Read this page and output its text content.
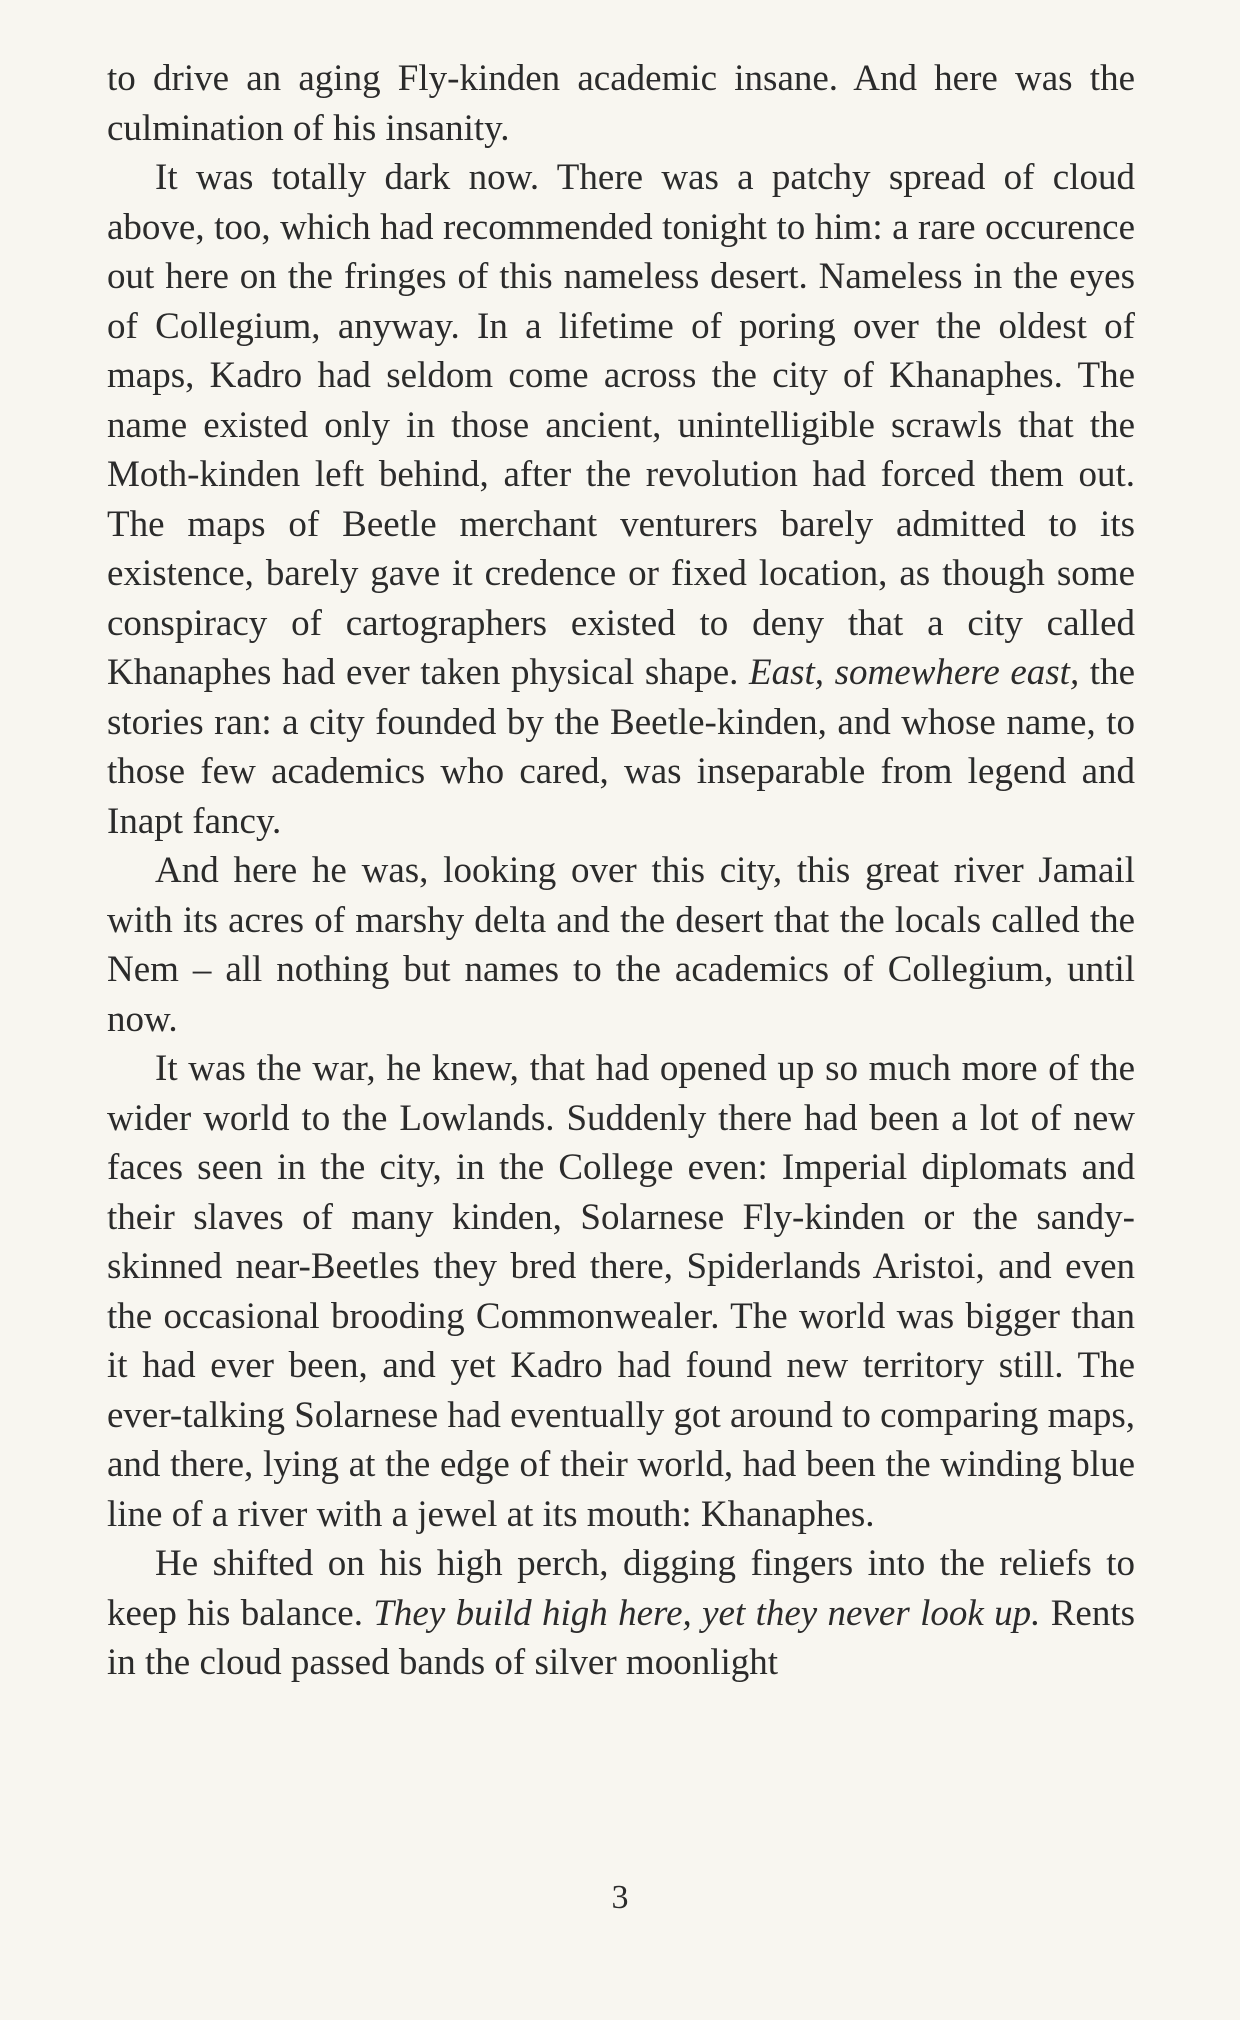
to drive an aging Fly-kinden academic insane. And here was the culmination of his insanity.

It was totally dark now. There was a patchy spread of cloud above, too, which had recommended tonight to him: a rare occurence out here on the fringes of this nameless desert. Nameless in the eyes of Collegium, anyway. In a lifetime of poring over the oldest of maps, Kadro had seldom come across the city of Khanaphes. The name existed only in those ancient, unintelligible scrawls that the Moth-kinden left behind, after the revolution had forced them out. The maps of Beetle merchant venturers barely admitted to its existence, barely gave it credence or fixed location, as though some conspiracy of cartographers existed to deny that a city called Khanaphes had ever taken physical shape. East, somewhere east, the stories ran: a city founded by the Beetle-kinden, and whose name, to those few academics who cared, was inseparable from legend and Inapt fancy.

And here he was, looking over this city, this great river Jamail with its acres of marshy delta and the desert that the locals called the Nem – all nothing but names to the academics of Collegium, until now.

It was the war, he knew, that had opened up so much more of the wider world to the Lowlands. Suddenly there had been a lot of new faces seen in the city, in the College even: Imperial diplomats and their slaves of many kinden, Solarnese Fly-kinden or the sandy-skinned near-Beetles they bred there, Spiderlands Aristoi, and even the occasional brooding Commonwealer. The world was bigger than it had ever been, and yet Kadro had found new territory still. The ever-talking Solarnese had eventually got around to comparing maps, and there, lying at the edge of their world, had been the winding blue line of a river with a jewel at its mouth: Khanaphes.

He shifted on his high perch, digging fingers into the reliefs to keep his balance. They build high here, yet they never look up. Rents in the cloud passed bands of silver moonlight

3
